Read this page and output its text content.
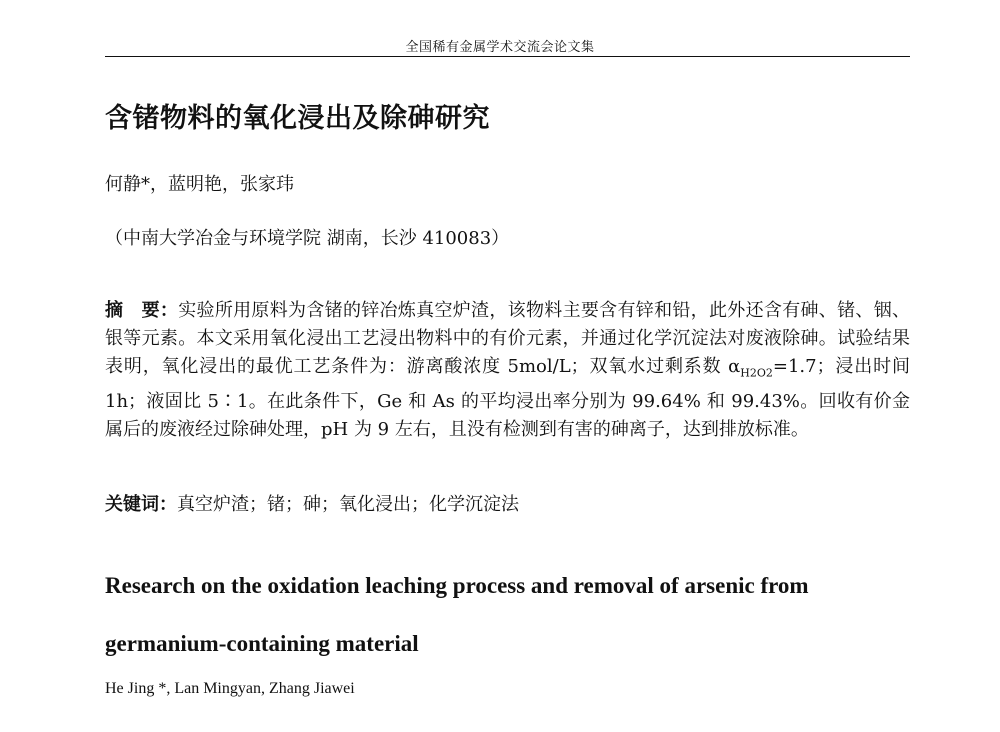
全国稀有金属学术交流会论文集
含锗物料的氧化浸出及除砷研究
何静*，蓝明艳，张家玮
（中南大学冶金与环境学院 湖南，长沙 410083）
摘　要：实验所用原料为含锗的锌冶炼真空炉渣，该物料主要含有锌和铅，此外还含有砷、锗、铟、银等元素。本文采用氧化浸出工艺浸出物料中的有价元素，并通过化学沉淀法对废液除砷。试验结果表明，氧化浸出的最优工艺条件为：游离酸浓度 5mol/L；双氧水过剩系数 $\alpha_{H2O2}=1.7$；浸出时间 1h；液固比 5∶1。在此条件下，Ge 和 As 的平均浸出率分别为 99.64% 和 99.43%。回收有价金属后的废液经过除砷处理，pH 为 9 左右，且没有检测到有害的砷离子，达到排放标准。
关键词：真空炉渣；锗；砷；氧化浸出；化学沉淀法
Research on the oxidation leaching process and removal of arsenic from
germanium-containing material
He Jing *, Lan Mingyan, Zhang Jiawei
